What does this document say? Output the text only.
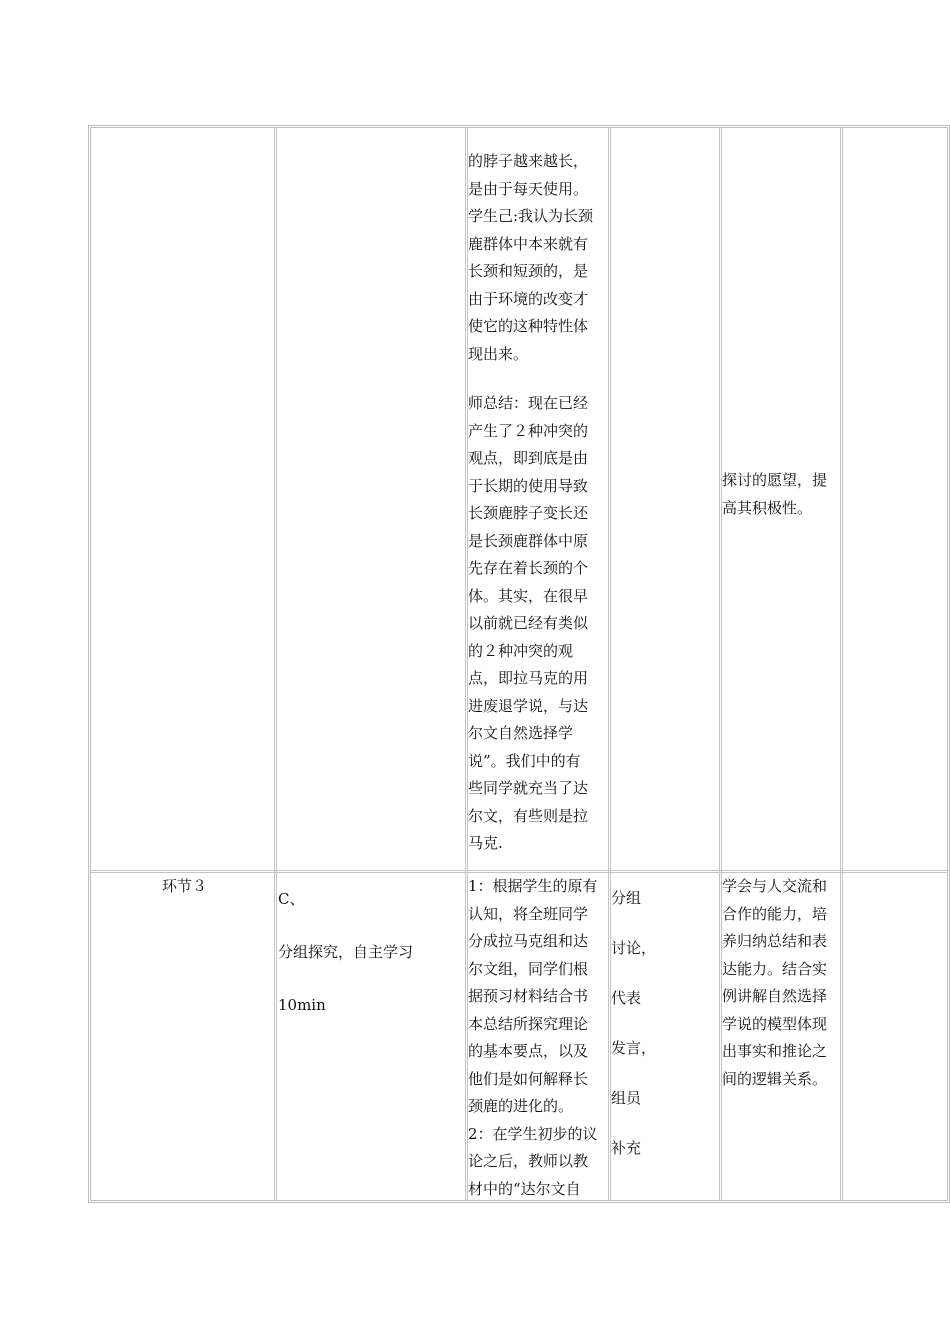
的脖子越来越长，
是由于每天使用。
学生己:我认为长颈
鹿群体中本来就有
长颈和短颈的，是
由于环境的改变才
使它的这种特性体
现出来。
师总结：现在已经
产生了２种冲突的
观点，即到底是由
于长期的使用导致
长颈鹿脖子变长还
是长颈鹿群体中原
先存在着长颈的个
体。其实，在很早
以前就已经有类似
的２种冲突的观
点，即拉马克的用
进废退学说，与达
尔文自然选择学
说”。我们中的有
些同学就充当了达
尔文，有些则是拉
马克.
探讨的愿望，提
高其积极性。
环节３
C、
分组探究，自主学习
10min
1：根据学生的原有
认知，将全班同学
分成拉马克组和达
尔文组，同学们根
据预习材料结合书
本总结所探究理论
的基本要点，以及
他们是如何解释长
颈鹿的进化的。
2：在学生初步的议
论之后，教师以教
材中的“达尔文自
分组
讨论，
代表
发言，
组员
补充
学会与人交流和
合作的能力，培
养归纳总结和表
达能力。结合实
例讲解自然选择
学说的模型体现
出事实和推论之
间的逻辑关系。
